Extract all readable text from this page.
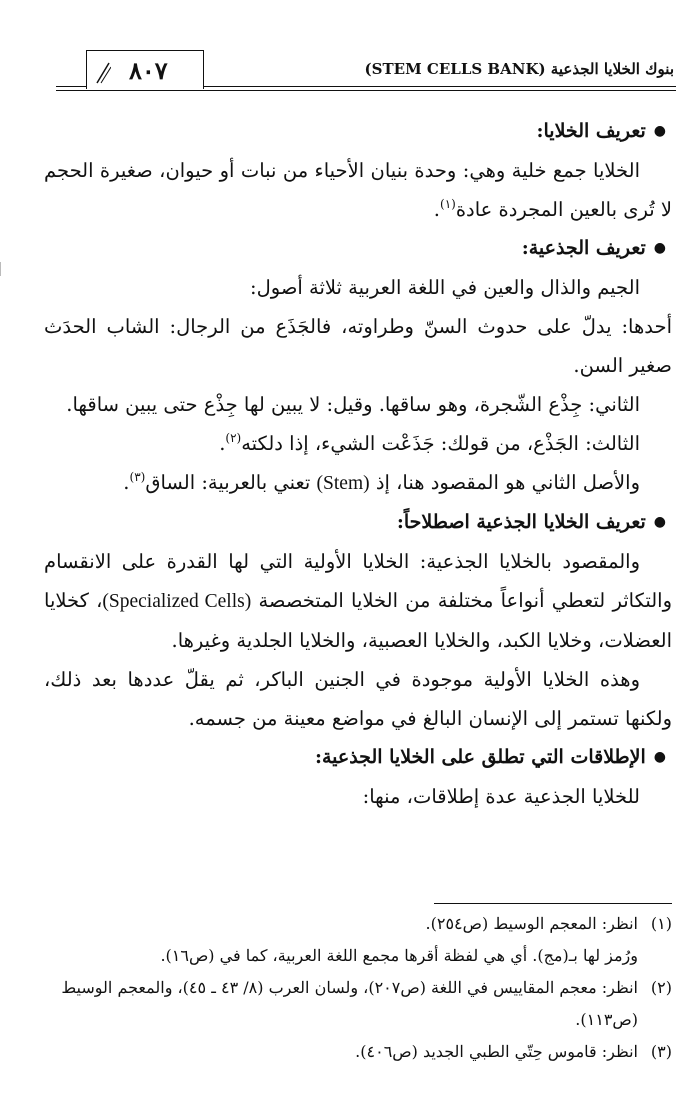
بنوك الخلايا الجذعية (STEM CELLS BANK)
٨٠٧

●تعريف الخلايا:

الخلايا جمع خلية وهي: وحدة بنيان الأحياء من نبات أو حيوان، صغيرة الحجم لا تُرى بالعين المجردة عادة$^{(١)}$.

●تعريف الجذعية:

الجيم والذال والعين في اللغة العربية ثلاثة أصول:

أحدها: يدلّ على حدوث السنّ وطراوته، فالجَذَع من الرجال: الشاب الحدَث صغير السن.

الثاني: جِذْع الشّجرة، وهو ساقها. وقيل: لا يبين لها جِذْع حتى يبين ساقها.

الثالث: الجَذْع، من قولك: جَذَعْت الشيء، إذا دلكته$^{(٢)}$.

والأصل الثاني هو المقصود هنا، إذ (Stem) تعني بالعربية: الساق$^{(٣)}$.

●تعريف الخلايا الجذعية اصطلاحاً:

والمقصود بالخلايا الجذعية: الخلايا الأولية التي لها القدرة على الانقسام والتكاثر لتعطي أنواعاً مختلفة من الخلايا المتخصصة (Specialized Cells)، كخلايا العضلات، وخلايا الكبد، والخلايا العصبية، والخلايا الجلدية وغيرها.

وهذه الخلايا الأولية موجودة في الجنين الباكر، ثم يقلّ عددها بعد ذلك، ولكنها تستمر إلى الإنسان البالغ في مواضع معينة من جسمه.

●الإطلاقات التي تطلق على الخلايا الجذعية:

للخلايا الجذعية عدة إطلاقات، منها:

(١)
انظر: المعجم الوسيط (ص٢٥٤).

ورُمز لها بـ(مج). أي هي لفظة أقرها مجمع اللغة العربية، كما في (ص١٦).

(٢)
انظر: معجم المقاييس في اللغة (ص٢٠٧)، ولسان العرب (٨/ ٤٣ ـ ٤٥)، والمعجم الوسيط (ص١١٣).

(٣)
انظر: قاموس حِتّي الطبي الجديد (ص٤٠٦).
